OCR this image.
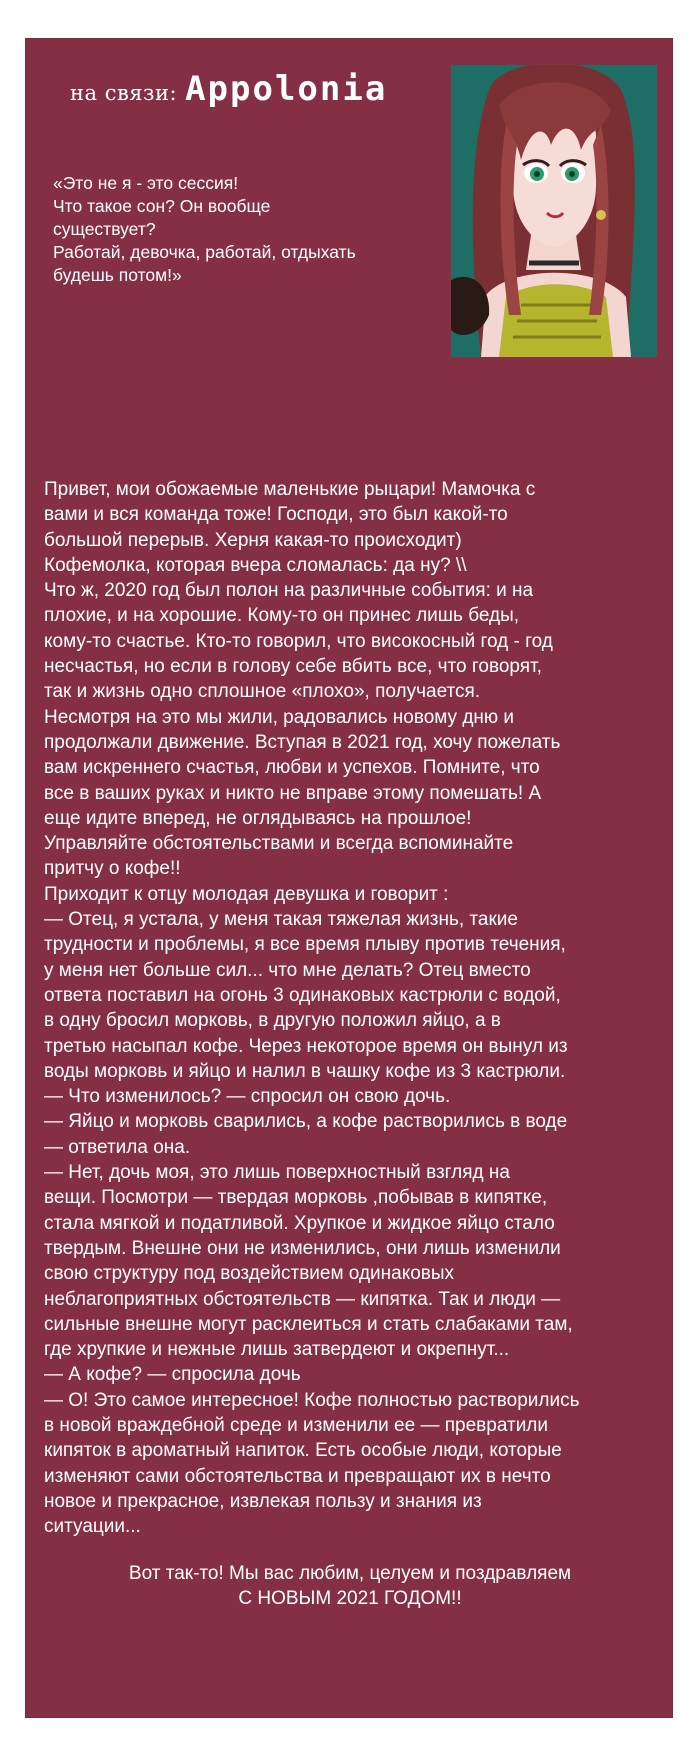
на связи: Appolonia
«Это не я - это сессия!
Что такое сон? Он вообще
существует?
Работай, девочка, работай, отдыхать
будешь потом!»
Привет, мои обожаемые маленькие рыцари! Мамочка с
вами и вся команда тоже! Господи, это был какой-то
большой перерыв. Херня какая-то происходит)
Кофемолка, которая вчера сломалась: да ну? \\
Что ж, 2020 год был полон на различные события: и на
плохие, и на хорошие. Кому-то он принес лишь беды,
кому-то счастье. Кто-то говорил, что високосный год - год
несчастья, но если в голову себе вбить все, что говорят,
так и жизнь одно сплошное «плохо», получается.
Несмотря на это мы жили, радовались новому дню и
продолжали движение. Вступая в 2021 год, хочу пожелать
вам искреннего счастья, любви и успехов. Помните, что
все в ваших руках и никто не вправе этому помешать! А
еще идите вперед, не оглядываясь на прошлое!
Управляйте обстоятельствами и всегда вспоминайте
притчу о кофе!!
Приходит к отцу молодая девушка и говорит :
— Отец, я устала, у меня такая тяжелая жизнь, такие
трудности и проблемы, я все время плыву против течения,
у меня нет больше сил... что мне делать? Отец вместо
ответа поставил на огонь 3 одинаковых кастрюли с водой,
в одну бросил морковь, в другую положил яйцо, а в
третью насыпал кофе. Через некоторое время он вынул из
воды морковь и яйцо и налил в чашку кофе из 3 кастрюли.
— Что изменилось? — спросил он свою дочь.
— Яйцо и морковь сварились, а кофе растворились в воде
— ответила она.
— Нет, дочь моя, это лишь поверхностный взгляд на
вещи. Посмотри — твердая морковь ,побывав в кипятке,
стала мягкой и податливой. Хрупкое и жидкое яйцо стало
твердым. Внешне они не изменились, они лишь изменили
свою структуру под воздействием одинаковых
неблагоприятных обстоятельств — кипятка. Так и люди —
сильные внешне могут расклеиться и стать слабаками там,
где хрупкие и нежные лишь затвердеют и окрепнут...
— А кофе? — спросила дочь
— О! Это самое интересное! Кофе полностью растворились
в новой враждебной среде и изменили ее — превратили
кипяток в ароматный напиток. Есть особые люди, которые
изменяют сами обстоятельства и превращают их в нечто
новое и прекрасное, извлекая пользу и знания из
ситуации...
Вот так-то! Мы вас любим, целуем и поздравляем
С НОВЫМ 2021 ГОДОМ!!
